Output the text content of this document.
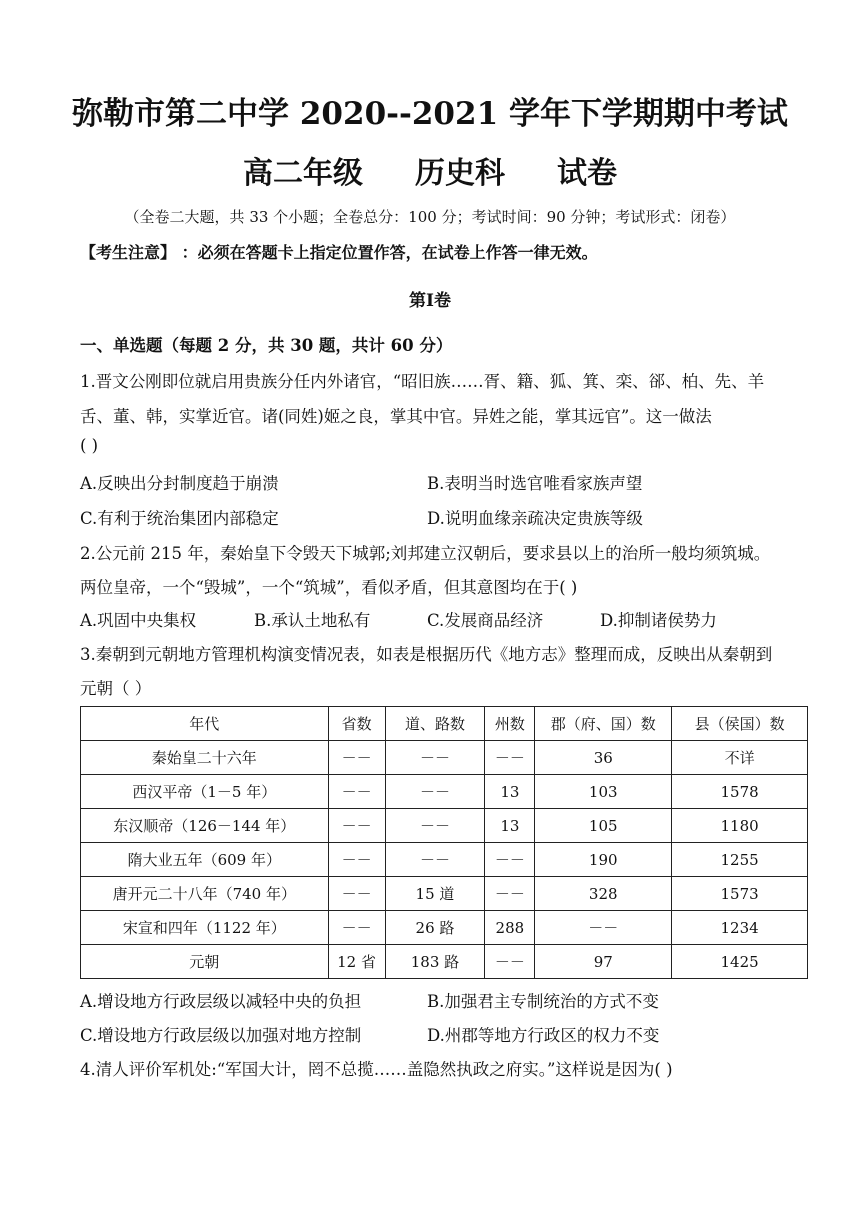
弥勒市第二中学 2020--2021 学年下学期期中考试
高二年级 历史科 试卷
（全卷二大题，共 33 个小题；全卷总分：100 分；考试时间：90 分钟；考试形式：闭卷）
【考生注意】 ：必须在答题卡上指定位置作答，在试卷上作答一律无效。
第Ⅰ卷
一、单选题（每题 2 分，共 30 题，共计 60 分）
1.晋文公刚即位就启用贵族分任内外诸官，“昭旧族……胥、籍、狐、箕、栾、郤、柏、先、羊
舌、董、韩，实掌近官。诸(同姓)姬之良，掌其中官。异姓之能，掌其远官”。这一做法
( )
A.反映出分封制度趋于崩溃	B.表明当时选官唯看家族声望
C.有利于统治集团内部稳定	D.说明血缘亲疏决定贵族等级
2.公元前 215 年，秦始皇下令毁天下城郭;刘邦建立汉朝后，要求县以上的治所一般均须筑城。
两位皇帝，一个“毁城”，一个“筑城”，看似矛盾，但其意图均在于( )
A.巩固中央集权	B.承认土地私有	C.发展商品经济	D.抑制诸侯势力
3.秦朝到元朝地方管理机构演变情况表，如表是根据历代《地方志》整理而成，反映出从秦朝到
元朝（ ）
年代	省数	道、路数	州数	郡（府、国）数	县（侯国）数
秦始皇二十六年	－－	－－	－－	36	不详
西汉平帝（1－5 年）	－－	－－	13	103	1578
东汉顺帝（126－144 年）	－－	－－	13	105	1180
隋大业五年（609 年）	－－	－－	－－	190	1255
唐开元二十八年（740 年）	－－	15 道	－－	328	1573
宋宣和四年（1122 年）	－－	26 路	288	－－	1234
元朝	12 省	183 路	－－	97	1425
A.增设地方行政层级以减轻中央的负担	B.加强君主专制统治的方式不变
C.增设地方行政层级以加强对地方控制	D.州郡等地方行政区的权力不变
4.清人评价军机处:“军国大计，罔不总揽……盖隐然执政之府实。”这样说是因为( )
